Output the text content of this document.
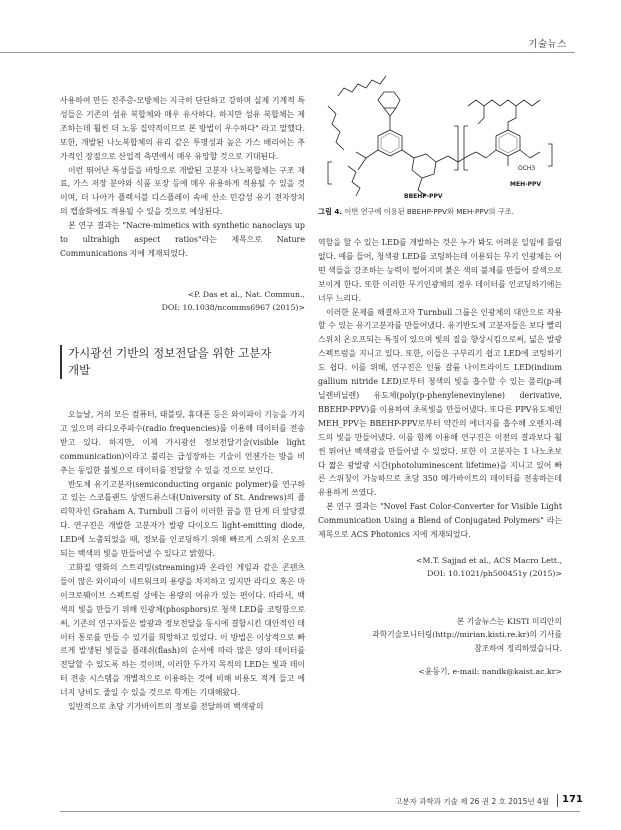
기술뉴스

사용하여 만든 진주층-모방체는 지극히 단단하고 강하며 실제 기계적 특성들은 기존의 섬유 복합체와 매우 유사하다. 하지만 섬유 복합체는 제조하는데 훨씬 더 노동 집약적이므로 본 방법이 우수하다" 라고 말했다. 또한, 개발된 나노복합체의 유리 같은 투명성과 높은 가스 배리어는 추가적인 장점으로 산업적 측면에서 매우 유망할 것으로 기대된다.

이런 뛰어난 특성들을 바탕으로 개발된 고분자 나노복합체는 구조 재료, 가스 저장 분야와 식품 포장 등에 매우 유용하게 적용될 수 있을 것이며, 더 나아가 플렉서블 디스플레이 속에 산소 민감성 유기 전자장치의 캡슐화에도 적용될 수 있을 것으로 예상된다.

본 연구 결과는 "Nacre-mimetics with synthetic nanoclays up to ultrahigh aspect ratios"라는 제목으로 Nature Communications 지에 게재되었다.

<P. Das et al., Nat. Commun.,

DOI: 10.1038/ncomms6967 (2015)>

가시광선 기반의 정보전달을 위한 고분자
개발

오늘날, 거의 모든 컴퓨터, 태블릿, 휴대폰 등은 와이파이 기능을 가지고 있으며 라디오주파수(radio frequencies)를 이용해 데이터를 전송받고 있다. 하지만, 이제 가시광선 정보전달기술(visible light communication)이라고 불리는 급성장하는 기술이 언젠가는 방을 비추는 동일한 불빛으로 데이터를 전달할 수 있을 것으로 보인다.

반도체 유기고분자(semiconducting organic polymer)를 연구하고 있는 스코틀랜드 상앤드류스대(University of St. Andrews)의 플리학자인 Graham A. Turnbull 그룹이 이러한 꿈을 한 단계 더 앞당겼다. 연구진은 개발한 고분자가 발광 다이오드 light-emitting diode, LED에 노출되었을 때, 정보를 인코딩하기 위해 빠르게 스위치 온오프되는 백색의 빛을 만들어낼 수 있다고 밝혔다.

고화질 영화의 스트리밍(streaming)과 온라인 게임과 같은 콘텐츠들이 많은 와이파이 네트워크의 용량을 차지하고 있지만 라디오 혹은 마이크로웨이브 스펙트럼 상에는 용량의 여유가 있는 편이다. 따라서, 백색의 빛을 만들기 위해 인광체(phosphors)로 청색 LED를 코팅함으로써, 기존의 연구자들은 발광과 정보전달을 동시에 결합시킨 대안적인 데이터 통로를 만들 수 있기를 희망하고 있었다. 이 방법은 이상적으로 빠르게 발생된 빛들을 플래쉬(flash)의 순서에 따라 많은 양의 데이터를 전달할 수 있도록 하는 것이며, 이러한 두가지 목적의 LED는 빛과 데이터 전송 시스템을 개별적으로 이용하는 것에 비해 비용도 적게 들고 에너지 낭비도 줄일 수 있을 것으로 학계는 기대해왔다.

일반적으로 초당 기가바이트의 정보를 전달하며 백색광의

OCH3
MEH-PPV
BBEHP-PPV
그림 4. 이번 연구에 이용된 BBEHP-PPV와 MEH-PPV의 구조.

역할을 할 수 있는 LED를 개발하는 것은 누가 봐도 어려운 일임에 틀림없다. 예를 들어, 청색광 LED를 코팅하는데 이용되는 무기 인광체는 어떤 색들을 강조하는 능력이 떨어지며 붉은 색의 불체를 만들어 갈색으로 보이게 한다. 또한 이러한 무기인광체의 경우 데이터를 인코딩하기에는 너무 느리다.

이러한 문제를 해결하고자 Turnbull 그룹은 인광체의 대안으로 작용할 수 있는 유기고분자를 만들어냈다. 유기반도체 고분자들은 보다 빨리 스위치 온오프되는 특징이 있으며 빛의 질을 향상시킴으로써, 넓은 발광 스펙트럼을 지니고 있다. 또한, 이들은 구부리기 쉽고 LED에 코팅하기도 쉽다. 이를 위해, 연구진은 인듐 갈륨 나이트라이드 LED(indium gallium nitride LED)로부터 청색의 빛을 흡수할 수 있는 폴리(p-페닐렌비닐렌) 유도체(poly(p-phenylenevinylene) derivative, BBEHP-PPV)를 이용하여 초록빛을 만들어냈다. 또다른 PPV유도체인 MEH_PPV는 BBEHP-PPV로부터 약간의 에너지를 흡수해 오렌지-레드의 빛을 만들어냈다. 이를 함께 이용해 연구진은 이전의 결과보다 훨씬 뛰어난 백색광을 만들어낼 수 있었다. 또한 이 고분자는 1 나노초보다 짧은 광발광 시간(photoluminescent lifetime)을 지니고 있어 빠른 스위칭이 가능하므로 초당 350 메가바이트의 데이터를 전송하는데 유용하게 쓰였다.

본 연구 결과는 "Novel Fast Color-Converter for Visible Light Communication Using a Blend of Conjugated Polymers" 라는 제목으로 ACS Photonics 지에 게재되었다.

<M.T. Sajjad et al., ACS Macro Lett.,

DOI: 10.1021/ph500451y (2015)>

본 기술뉴스는 KISTI 미리안의

과학기술모니터링(http://mirian.kisti.re.kr)의 기사를

참조하여 정리하였습니다.

<윤동기, e-mail: nandk@kaist.ac.kr>

고분자 과학과 기술 제 26 권 2 호 2015년 4월 171
